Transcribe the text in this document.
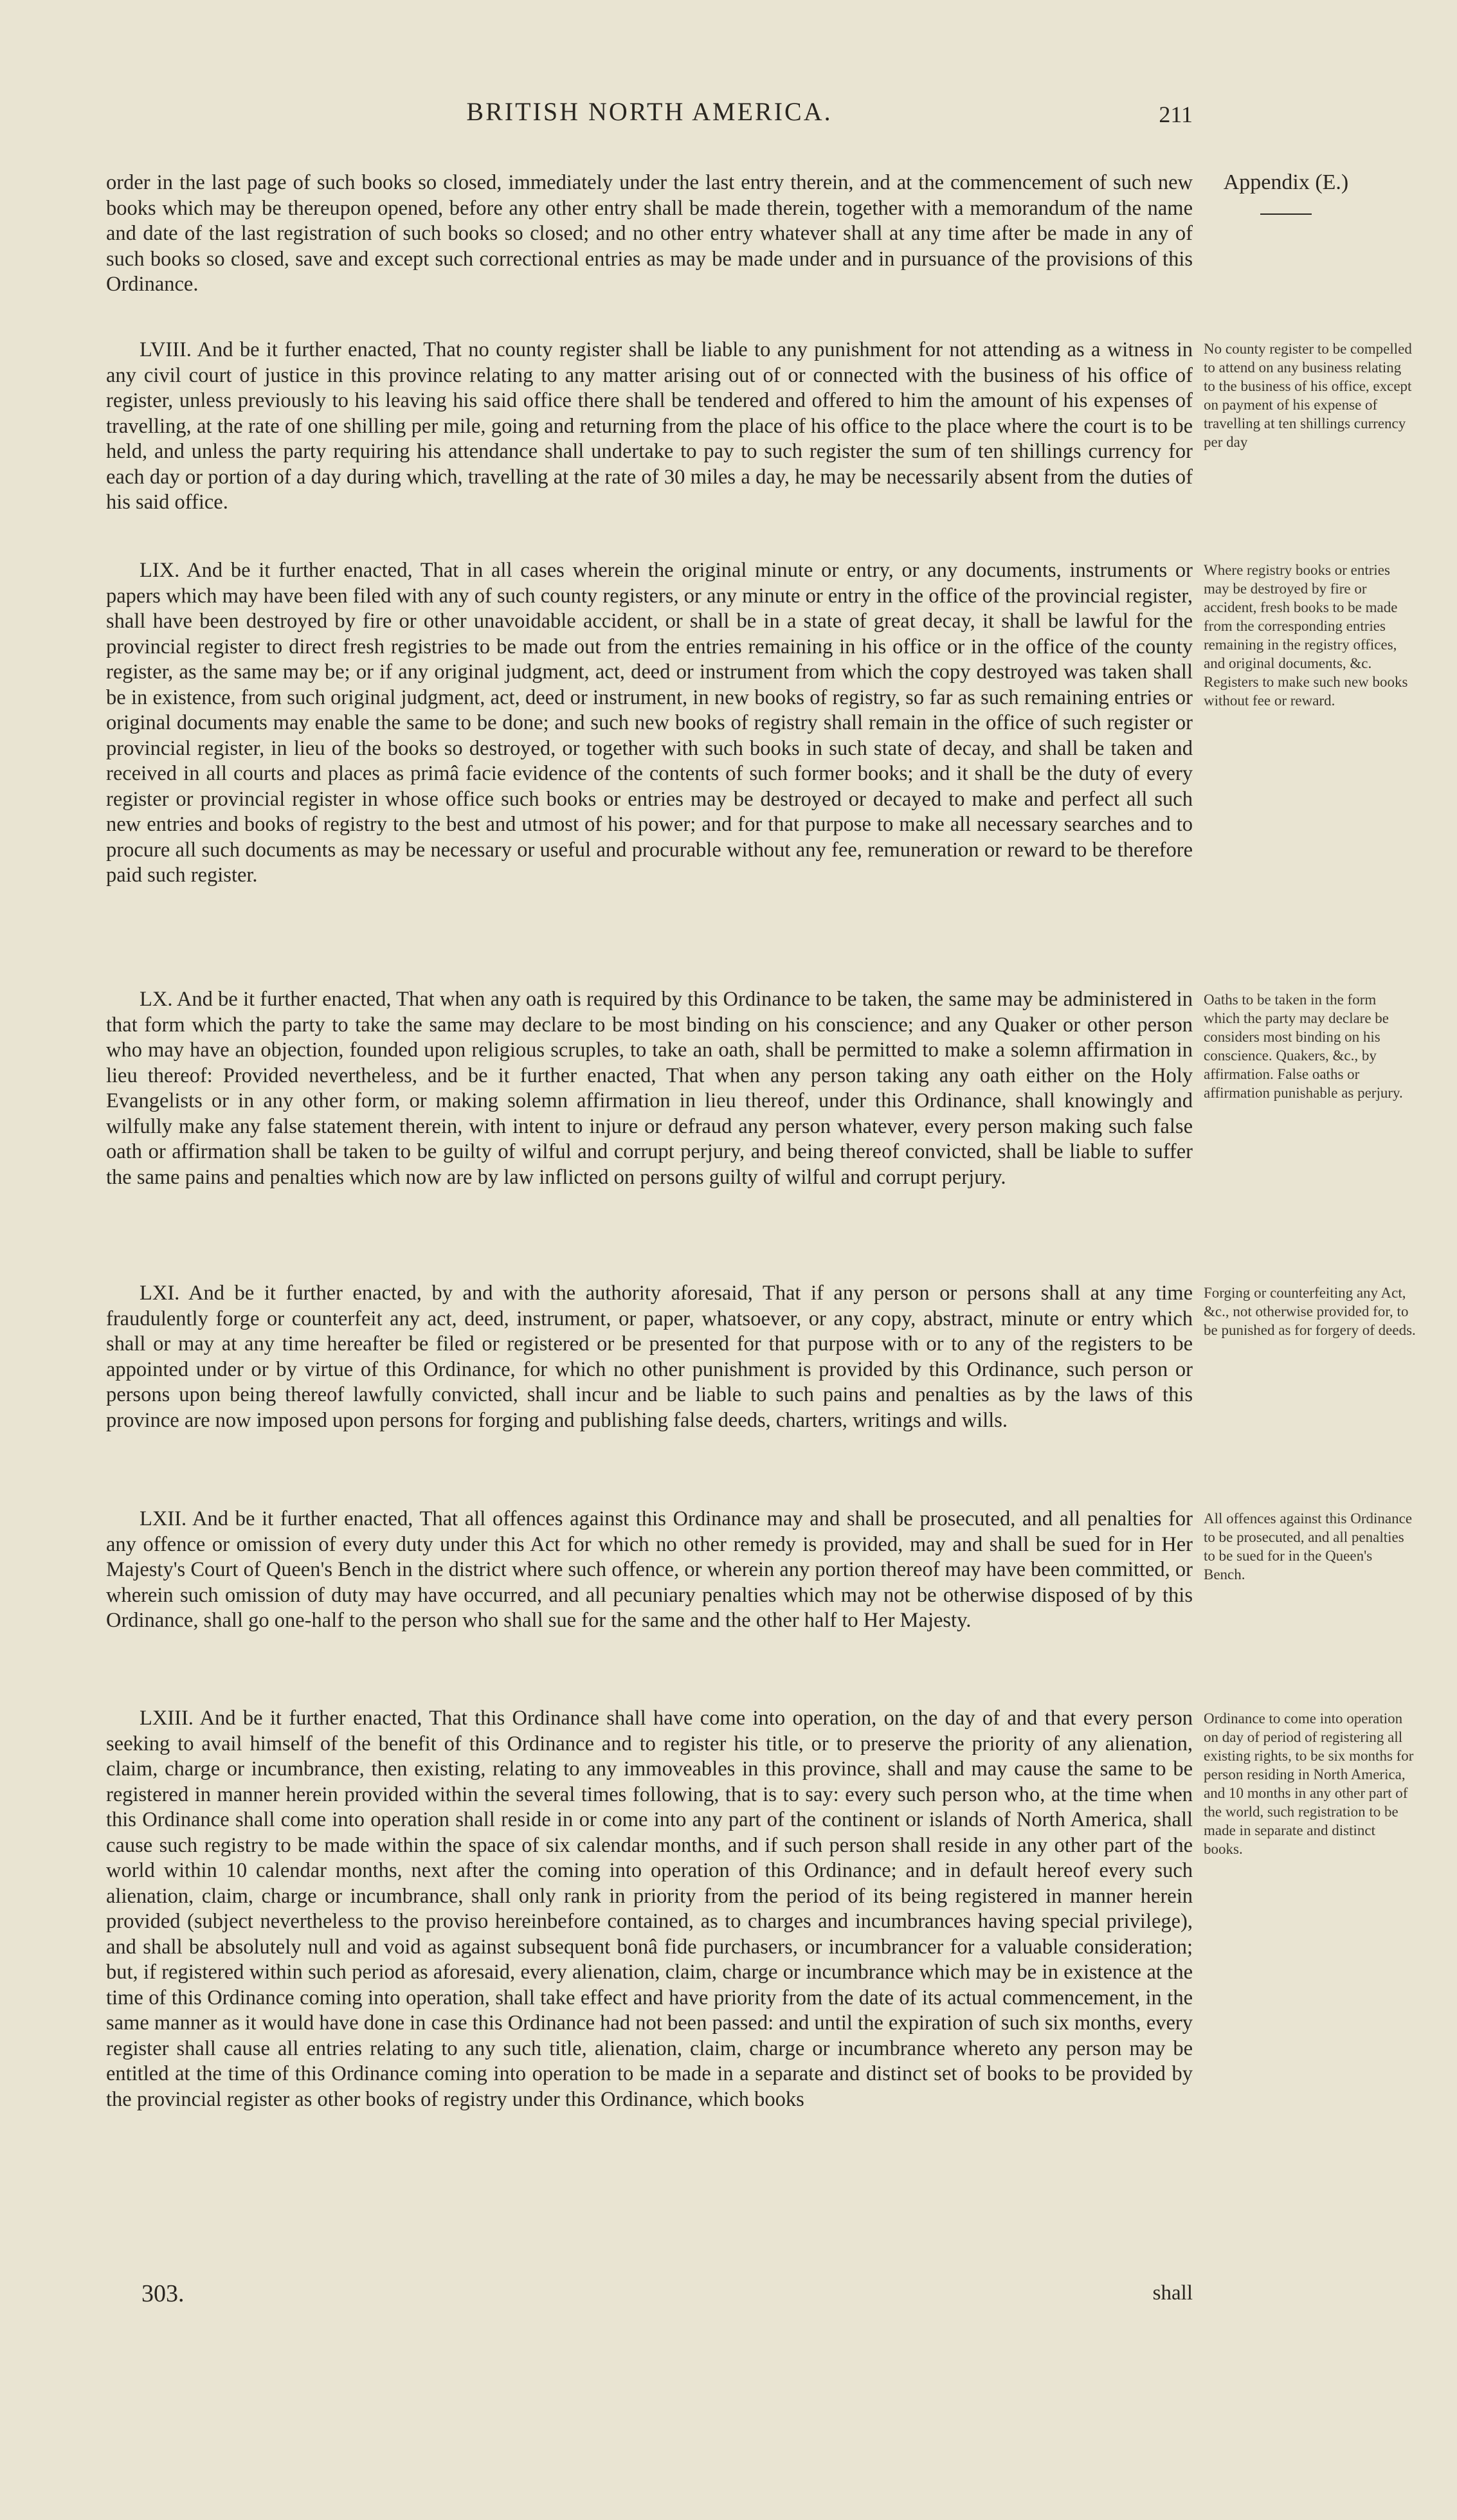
BRITISH NORTH AMERICA.	211
Appendix (E.)

order in the last page of such books so closed, immediately under the last entry therein, and at the commencement of such new books which may be thereupon opened, before any other entry shall be made therein, together with a memorandum of the name and date of the last registration of such books so closed; and no other entry whatever shall at any time after be made in any of such books so closed, save and except such correctional entries as may be made under and in pursuance of the provisions of this Ordinance.

LVIII. And be it further enacted, That no county register shall be liable to any punishment for not attending as a witness in any civil court of justice in this province relating to any matter arising out of or connected with the business of his office of register, unless previously to his leaving his said office there shall be tendered and offered to him the amount of his expenses of travelling, at the rate of one shilling per mile, going and returning from the place of his office to the place where the court is to be held, and unless the party requiring his attendance shall undertake to pay to such register the sum of ten shillings currency for each day or portion of a day during which, travelling at the rate of 30 miles a day, he may be necessarily absent from the duties of his said office.

No county register to be compelled to attend on any business relating to the business of his office, except on payment of his expense of travelling at ten shillings currency per day

LIX. And be it further enacted, That in all cases wherein the original minute or entry, or any documents, instruments or papers which may have been filed with any of such county registers, or any minute or entry in the office of the provincial register, shall have been destroyed by fire or other unavoidable accident, or shall be in a state of great decay, it shall be lawful for the provincial register to direct fresh registries to be made out from the entries remaining in his office or in the office of the county register, as the same may be; or if any original judgment, act, deed or instrument from which the copy destroyed was taken shall be in existence, from such original judgment, act, deed or instrument, in new books of registry, so far as such remaining entries or original documents may enable the same to be done; and such new books of registry shall remain in the office of such register or provincial register, in lieu of the books so destroyed, or together with such books in such state of decay, and shall be taken and received in all courts and places as primâ facie evidence of the contents of such former books; and it shall be the duty of every register or provincial register in whose office such books or entries may be destroyed or decayed to make and perfect all such new entries and books of registry to the best and utmost of his power; and for that purpose to make all necessary searches and to procure all such documents as may be necessary or useful and procurable without any fee, remuneration or reward to be therefore paid such register.

Where registry books or entries may be destroyed by fire or accident, fresh books to be made from the corresponding entries remaining in the registry offices, and original documents, &c. Registers to make such new books without fee or reward.

LX. And be it further enacted, That when any oath is required by this Ordinance to be taken, the same may be administered in that form which the party to take the same may declare to be most binding on his conscience; and any Quaker or other person who may have an objection, founded upon religious scruples, to take an oath, shall be permitted to make a solemn affirmation in lieu thereof: Provided nevertheless, and be it further enacted, That when any person taking any oath either on the Holy Evangelists or in any other form, or making solemn affirmation in lieu thereof, under this Ordinance, shall knowingly and wilfully make any false statement therein, with intent to injure or defraud any person whatever, every person making such false oath or affirmation shall be taken to be guilty of wilful and corrupt perjury, and being thereof convicted, shall be liable to suffer the same pains and penalties which now are by law inflicted on persons guilty of wilful and corrupt perjury.

Oaths to be taken in the form which the party may declare be considers most binding on his conscience. Quakers, &c., by affirmation. False oaths or affirmation punishable as perjury.

LXI. And be it further enacted, by and with the authority aforesaid, That if any person or persons shall at any time fraudulently forge or counterfeit any act, deed, instrument, or paper, whatsoever, or any copy, abstract, minute or entry which shall or may at any time hereafter be filed or registered or be presented for that purpose with or to any of the registers to be appointed under or by virtue of this Ordinance, for which no other punishment is provided by this Ordinance, such person or persons upon being thereof lawfully convicted, shall incur and be liable to such pains and penalties as by the laws of this province are now imposed upon persons for forging and publishing false deeds, charters, writings and wills.

Forging or counterfeiting any Act, &c., not otherwise provided for, to be punished as for forgery of deeds.

LXII. And be it further enacted, That all offences against this Ordinance may and shall be prosecuted, and all penalties for any offence or omission of every duty under this Act for which no other remedy is provided, may and shall be sued for in Her Majesty's Court of Queen's Bench in the district where such offence, or wherein any portion thereof may have been committed, or wherein such omission of duty may have occurred, and all pecuniary penalties which may not be otherwise disposed of by this Ordinance, shall go one-half to the person who shall sue for the same and the other half to Her Majesty.

All offences against this Ordinance to be prosecuted, and all penalties to be sued for in the Queen's Bench.

LXIII. And be it further enacted, That this Ordinance shall have come into operation, on the day of and that every person seeking to avail himself of the benefit of this Ordinance and to register his title, or to preserve the priority of any alienation, claim, charge or incumbrance, then existing, relating to any immoveables in this province, shall and may cause the same to be registered in manner herein provided within the several times following, that is to say: every such person who, at the time when this Ordinance shall come into operation shall reside in or come into any part of the continent or islands of North America, shall cause such registry to be made within the space of six calendar months, and if such person shall reside in any other part of the world within 10 calendar months, next after the coming into operation of this Ordinance; and in default hereof every such alienation, claim, charge or incumbrance, shall only rank in priority from the period of its being registered in manner herein provided (subject nevertheless to the proviso hereinbefore contained, as to charges and incumbrances having special privilege), and shall be absolutely null and void as against subsequent bonâ fide purchasers, or incumbrancer for a valuable consideration; but, if registered within such period as aforesaid, every alienation, claim, charge or incumbrance which may be in existence at the time of this Ordinance coming into operation, shall take effect and have priority from the date of its actual commencement, in the same manner as it would have done in case this Ordinance had not been passed: and until the expiration of such six months, every register shall cause all entries relating to any such title, alienation, claim, charge or incumbrance whereto any person may be entitled at the time of this Ordinance coming into operation to be made in a separate and distinct set of books to be provided by the provincial register as other books of registry under this Ordinance, which books

Ordinance to come into operation on day of period of registering all existing rights, to be six months for person residing in North America, and 10 months in any other part of the world, such registration to be made in separate and distinct books.

303.	shall
